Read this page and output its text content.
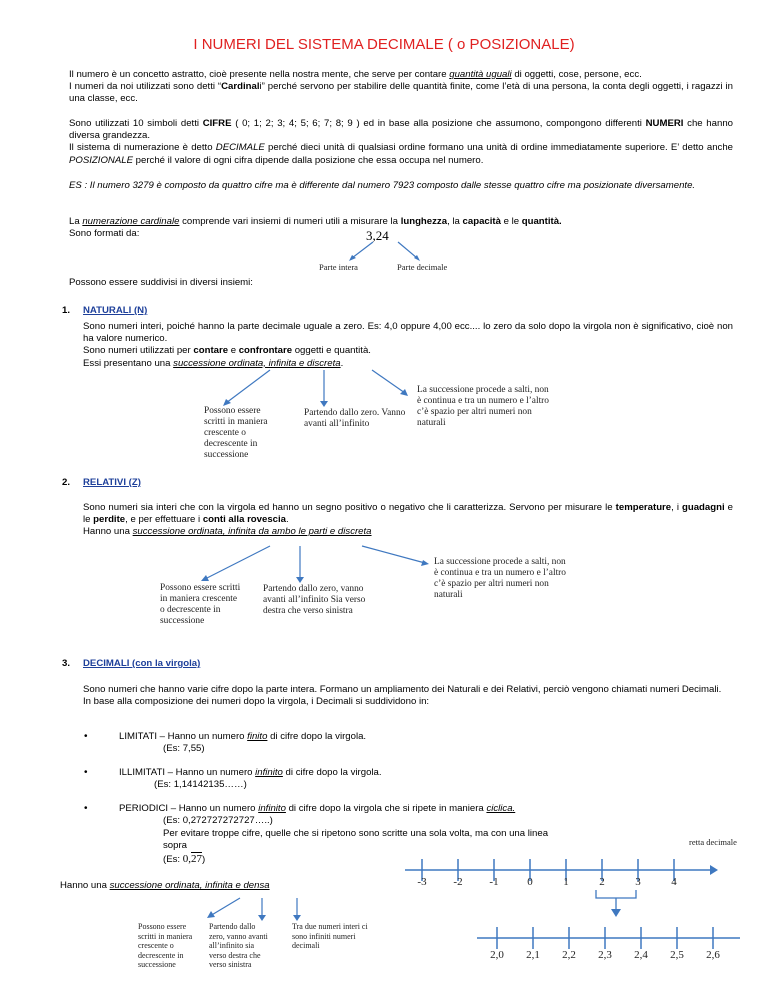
I NUMERI DEL SISTEMA DECIMALE ( o POSIZIONALE)
Il numero è un concetto astratto, cioè presente nella nostra mente, che serve per contare quantità uguali di oggetti, cose, persone, ecc.
I numeri da noi utilizzati sono detti “Cardinali” perché servono per stabilire delle quantità finite, come l’età di una persona, la conta degli oggetti, i ragazzi in una classe, ecc.
Sono utilizzati 10 simboli detti CIFRE ( 0; 1; 2; 3; 4; 5; 6; 7; 8; 9 ) ed in base alla posizione che assumono, compongono differenti NUMERI che hanno diversa grandezza.
Il sistema di numerazione è detto DECIMALE perché dieci unità di qualsiasi ordine formano una unità di ordine immediatamente superiore. E’ detto anche POSIZIONALE perché il valore di ogni cifra dipende dalla posizione che essa occupa nel numero.
ES : Il numero 3279 è composto da quattro cifre ma è differente dal numero 7923 composto dalle stesse quattro cifre ma posizionate diversamente.
La numerazione cardinale comprende vari insiemi di numeri utili a misurare la lunghezza, la capacità e le quantità.
Sono formati da:	3,24
Parte intera	Parte decimale
Possono essere suddivisi in diversi insiemi:
1. NATURALI (N)
Sono numeri interi, poiché hanno la parte decimale uguale a zero. Es: 4,0 oppure 4,00 ecc.... lo zero da solo dopo la virgola non è significativo, cioè non ha valore numerico.
Sono numeri utilizzati per contare e confrontare oggetti e quantità.
Essi presentano una successione ordinata, infinita e discreta.
Possono essere scritti in maniera crescente o decrescente in successione
Partendo dallo zero. Vanno avanti all’infinito
La successione procede a salti, non è continua e tra un numero e l’altro c’è spazio per altri numeri non naturali
2. RELATIVI (Z)
Sono numeri sia interi che con la virgola ed hanno un segno positivo o negativo che li caratterizza. Servono per misurare le temperature, i guadagni e le perdite, e per effettuare i conti alla rovescia.
Hanno una successione ordinata, infinita da ambo le parti e discreta
Possono essere scritti in maniera crescente o decrescente in successione
Partendo dallo zero, vanno avanti all’infinito Sia verso destra che verso sinistra
La successione procede a salti, non è continua e tra un numero e l’altro c’è spazio per altri numeri non naturali
3. DECIMALI (con la virgola)
Sono numeri che hanno varie cifre dopo la parte intera. Formano un ampliamento dei Naturali e dei Relativi, perciò vengono chiamati numeri Decimali.
In base alla composizione dei numeri dopo la virgola, i Decimali si suddividono in:
•	LIMITATI – Hanno un numero finito di cifre dopo la virgola.
(Es: 7,55)
•	ILLIMITATI – Hanno un numero infinito di cifre dopo la virgola.
(Es: 1,14142135……)
•	PERIODICI – Hanno un numero infinito di cifre dopo la virgola che si ripete in maniera ciclica.
(Es: 0,272727272727…..)
Per evitare troppe cifre, quelle che si ripetono sono scritte una sola volta, ma con una linea sopra
(Es: 0,27)
Hanno una successione ordinata, infinita e densa	-3	-2	-1	0	1	2	3	4
retta decimale
2,0	2,1	2,2	2,3	2,4	2,5	2,6
Possono essere scritti in maniera crescente o decrescente in successione
Partendo dallo zero, vanno avanti all’infinito sia verso destra che verso sinistra
Tra due numeri interi ci sono infiniti numeri decimali
